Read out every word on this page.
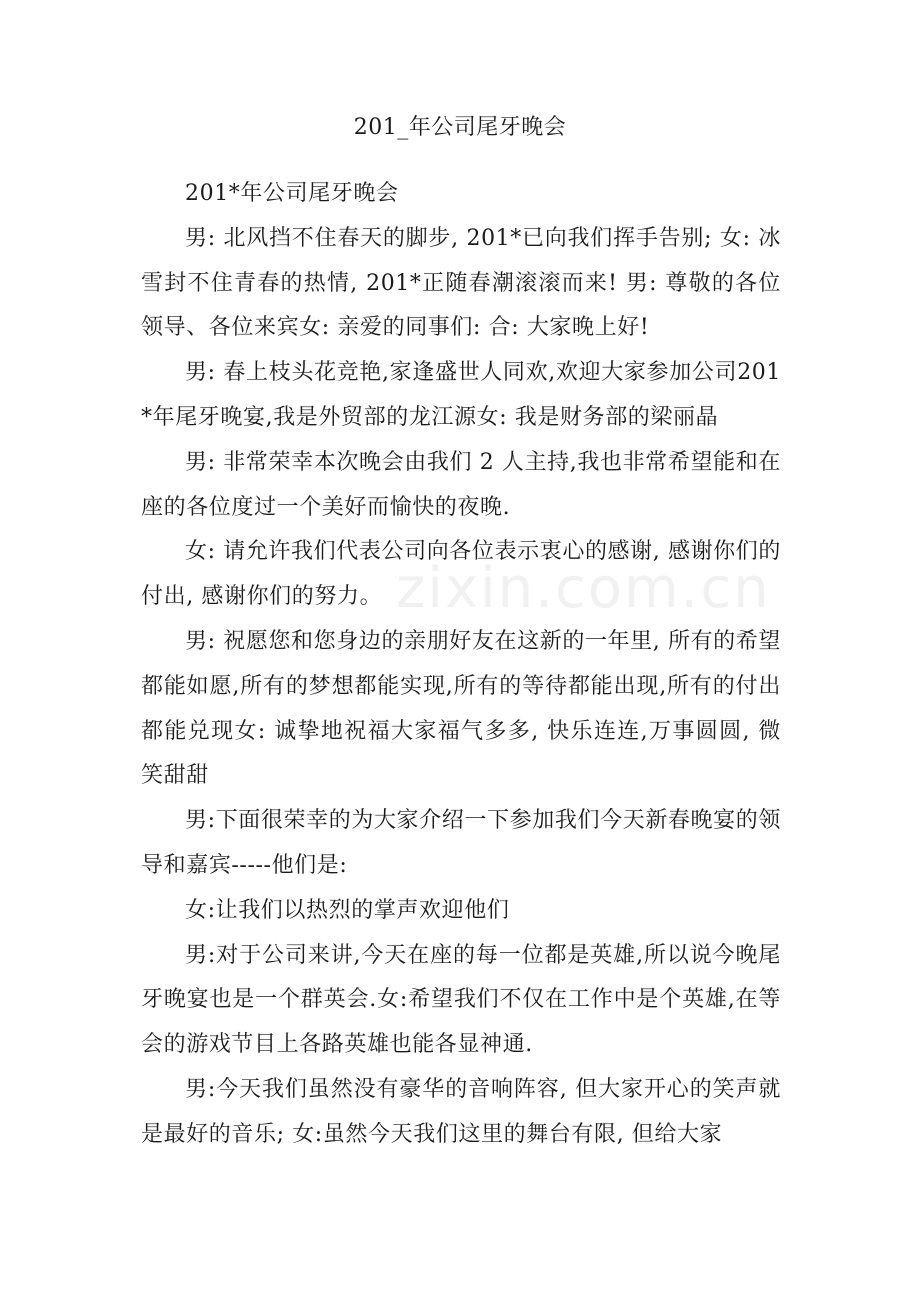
zixin.com.cn
201_年公司尾牙晚会

201*年公司尾牙晚会

男: 北风挡不住春天的脚步, 201*已向我们挥手告别; 女: 冰雪封不住青春的热情, 201*正随春潮滚滚而来! 男: 尊敬的各位领导、各位来宾女: 亲爱的同事们: 合: 大家晚上好!

男: 春上枝头花竞艳,家逢盛世人同欢,欢迎大家参加公司201*年尾牙晚宴,我是外贸部的龙江源女: 我是财务部的梁丽晶

男: 非常荣幸本次晚会由我们 2 人主持,我也非常希望能和在座的各位度过一个美好而愉快的夜晚.

女: 请允许我们代表公司向各位表示衷心的感谢, 感谢你们的付出, 感谢你们的努力。

男: 祝愿您和您身边的亲朋好友在这新的一年里, 所有的希望都能如愿,所有的梦想都能实现,所有的等待都能出现,所有的付出都能兑现女: 诚挚地祝福大家福气多多, 快乐连连,万事圆圆, 微笑甜甜

男:下面很荣幸的为大家介绍一下参加我们今天新春晚宴的领导和嘉宾-----他们是:

女:让我们以热烈的掌声欢迎他们

男:对于公司来讲,今天在座的每一位都是英雄,所以说今晚尾牙晚宴也是一个群英会.女:希望我们不仅在工作中是个英雄,在等会的游戏节目上各路英雄也能各显神通.

男:今天我们虽然没有豪华的音响阵容, 但大家开心的笑声就是最好的音乐; 女:虽然今天我们这里的舞台有限, 但给大家
